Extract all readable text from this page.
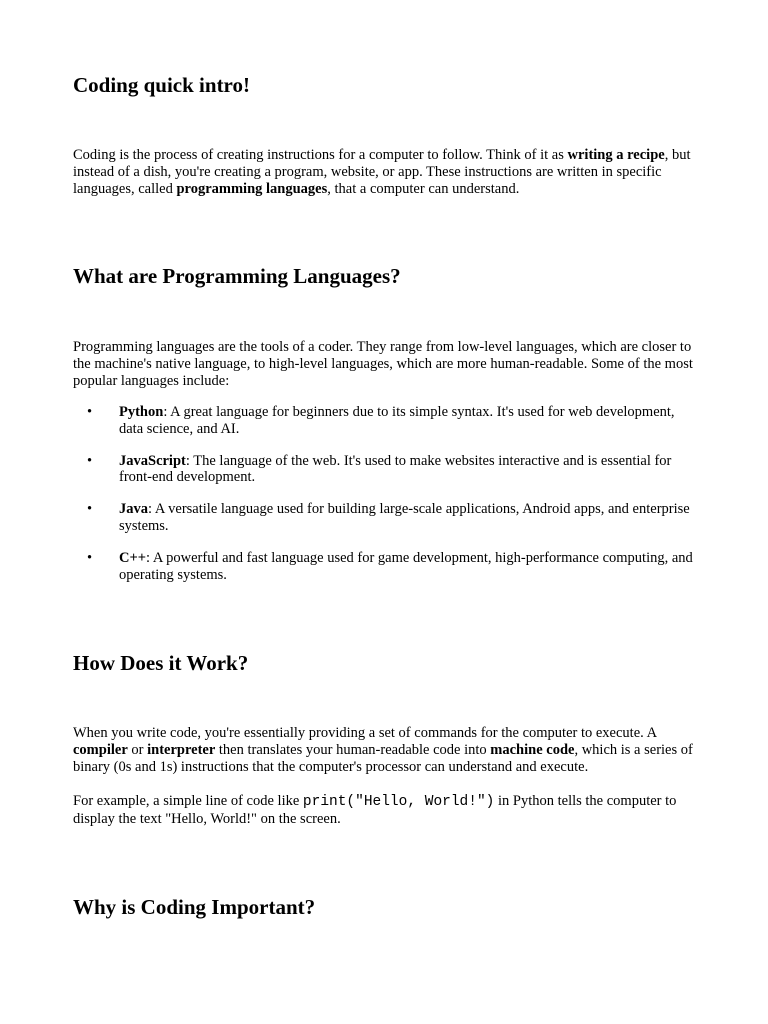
Coding quick intro!

Coding is the process of creating instructions for a computer to follow. Think of it as writing a recipe, but instead of a dish, you're creating a program, website, or app. These instructions are written in specific languages, called programming languages, that a computer can understand.

What are Programming Languages?

Programming languages are the tools of a coder. They range from low-level languages, which are closer to the machine's native language, to high-level languages, which are more human-readable. Some of the most popular languages include:

• Python: A great language for beginners due to its simple syntax. It's used for web development, data science, and AI.
• JavaScript: The language of the web. It's used to make websites interactive and is essential for front-end development.
• Java: A versatile language used for building large-scale applications, Android apps, and enterprise systems.
• C++: A powerful and fast language used for game development, high-performance computing, and operating systems.
How Does it Work?

When you write code, you're essentially providing a set of commands for the computer to execute. A compiler or interpreter then translates your human-readable code into machine code, which is a series of binary (0s and 1s) instructions that the computer's processor can understand and execute.

For example, a simple line of code like print("Hello, World!") in Python tells the computer to display the text "Hello, World!" on the screen.

Why is Coding Important?
